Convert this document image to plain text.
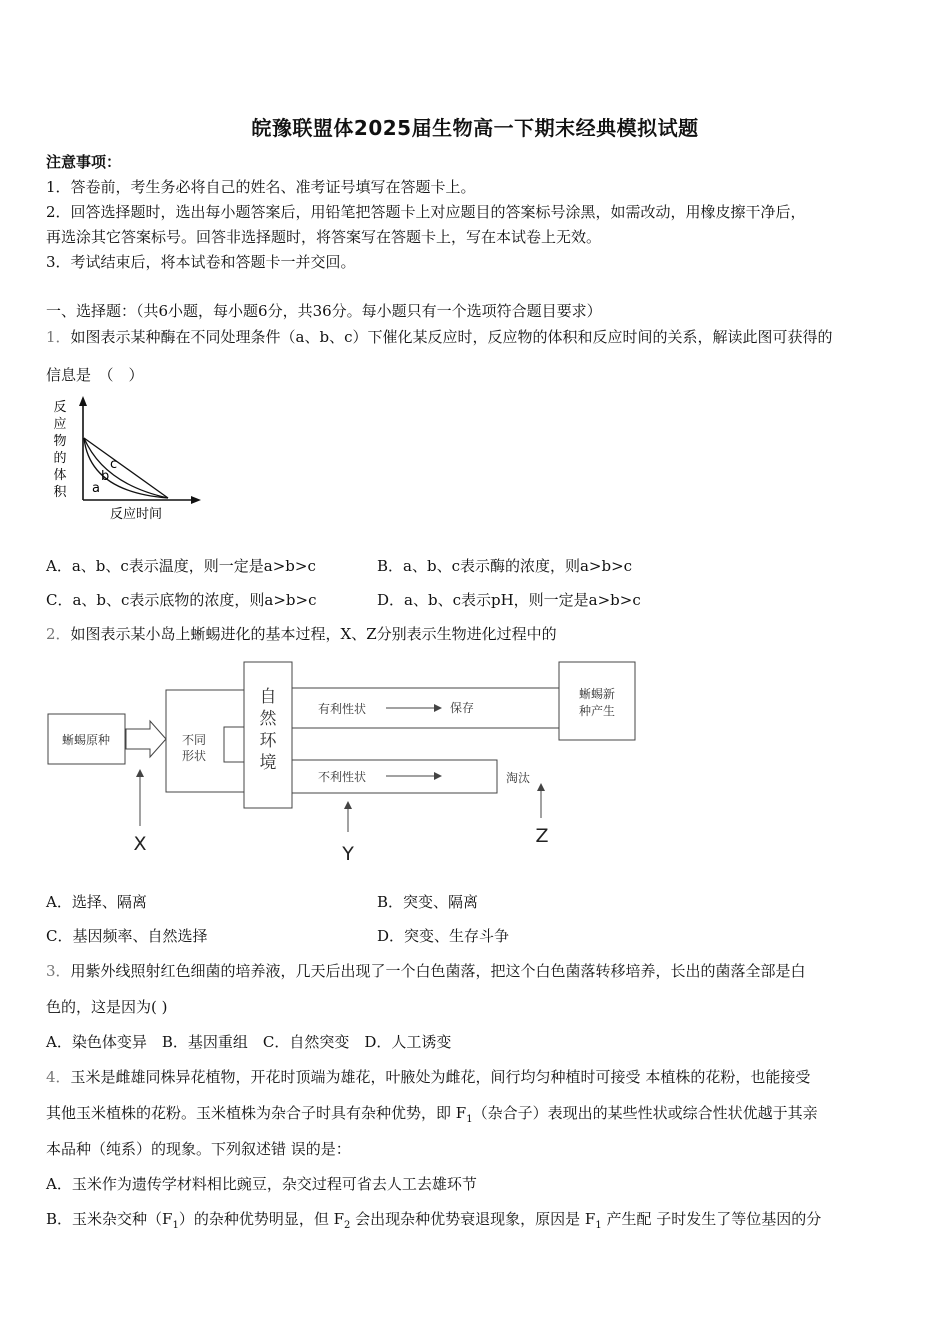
皖豫联盟体2025届生物高一下期末经典模拟试题
注意事项：
1．答卷前，考生务必将自己的姓名、准考证号填写在答题卡上。
2．回答选择题时，选出每小题答案后，用铅笔把答题卡上对应题目的答案标号涂黑，如需改动，用橡皮擦干净后，
再选涂其它答案标号。回答非选择题时，将答案写在答题卡上，写在本试卷上无效。
3．考试结束后，将本试卷和答题卡一并交回。
一、选择题：（共6小题，每小题6分，共36分。每小题只有一个选项符合题目要求）
1．如图表示某种酶在不同处理条件（a、b、c）下催化某反应时，反应物的体积和反应时间的关系，解读此图可获得的
信息是　（　）
反
应
物
的
体
积 a
b
c
反应时间
A．a、b、c表示温度，则一定是a>b>c	B．a、b、c表示酶的浓度，则a>b>c
C．a、b、c表示底物的浓度，则a>b>c	D．a、b、c表示pH，则一定是a>b>c
2．如图表示某小岛上蜥蜴进化的基本过程，X、Z分别表示生物进化过程中的
蜥蜴原种	不同
形状
自
然
环
境
有利性状	保存
蜥蜴新
种产生
不利性状	淘汰
X	Y
Z
A．选择、隔离	B．突变、隔离
C．基因频率、自然选择	D．突变、生存斗争
3．用紫外线照射红色细菌的培养液，几天后出现了一个白色菌落，把这个白色菌落转移培养，长出的菌落全部是白
色的，这是因为( )
A．染色体变异　B．基因重组　C．自然突变　D．人工诱变
4．玉米是雌雄同株异花植物，开花时顶端为雄花，叶腋处为雌花，间行均匀种植时可接受 本植株的花粉，也能接受
其他玉米植株的花粉。玉米植株为杂合子时具有杂种优势，即 $F_1$（杂合子）表现出的某些性状或综合性状优越于其亲
本品种（纯系）的现象。下列叙述错 误的是：
A．玉米作为遗传学材料相比豌豆，杂交过程可省去人工去雄环节
B．玉米杂交种$(F_1)$的杂种优势明显，但 $F_2$ 会出现杂种优势衰退现象，原因是 $F_1$ 产生配 子时发生了等位基因的分
